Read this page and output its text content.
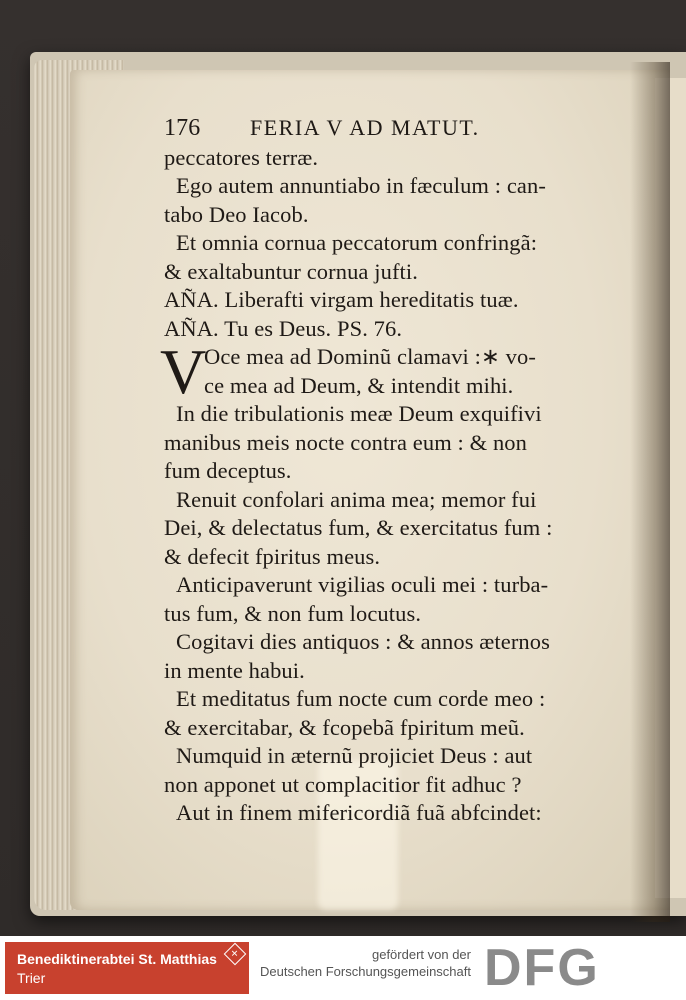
176	FERIA V AD MATUT.
peccatores terræ.
Ego autem annuntiabo in fæculum : can-
tabo Deo Iacob.
Et omnia cornua peccatorum confringã:
& exaltabuntur cornua jufti.
AÑA. Liberafti virgam hereditatis tuæ.
AÑA. Tu es Deus. PS. 76.
V
Oce mea ad Dominũ clamavi :∗ vo-
ce mea ad Deum, & intendit mihi.
In die tribulationis meæ Deum exquifivi
manibus meis nocte contra eum : & non
fum deceptus.
Renuit confolari anima mea; memor fui
Dei, & delectatus fum, & exercitatus fum :
& defecit fpiritus meus.
Anticipaverunt vigilias oculi mei : turba-
tus fum, & non fum locutus.
Cogitavi dies antiquos : & annos æternos
in mente habui.
Et meditatus fum nocte cum corde meo :
& exercitabar, & fcopebã fpiritum meũ.
Numquid in æternũ projiciet Deus : aut
non apponet ut complacitior fit adhuc ?
Aut in finem mifericordiã fuã abfcindet:
Benediktinerabtei St. Matthias
Trier
✕	gefördert von der
Deutschen Forschungsgemeinschaft DFG
